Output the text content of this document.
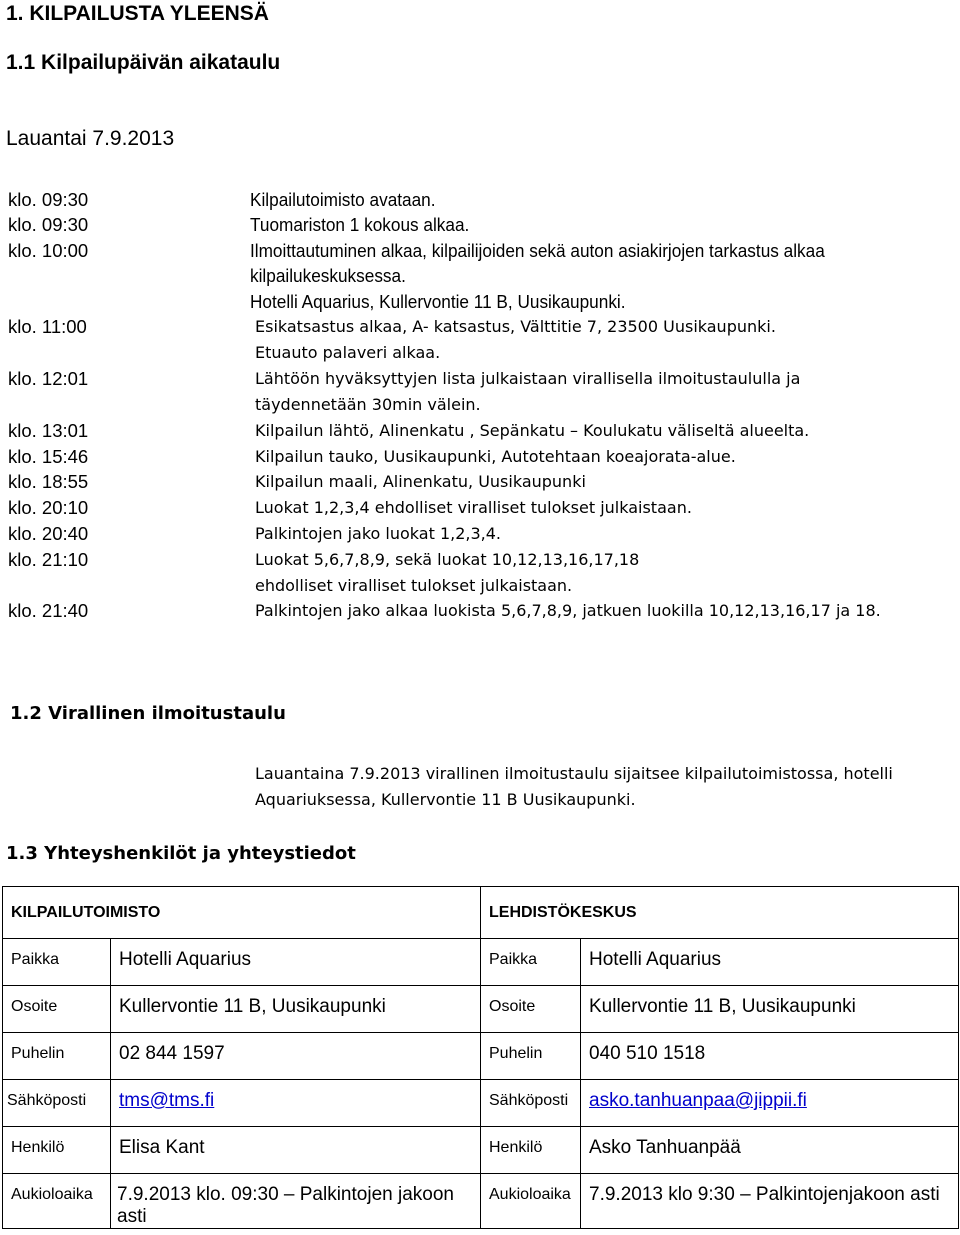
1. KILPAILUSTA YLEENSÄ
1.1 Kilpailupäivän aikataulu
Lauantai 7.9.2013
klo. 09:30	Kilpailutoimisto avataan.
klo. 09:30	Tuomariston 1 kokous alkaa.
klo. 10:00	Ilmoittautuminen alkaa, kilpailijoiden sekä auton asiakirjojen tarkastus alkaa
kilpailukeskuksessa.
Hotelli Aquarius, Kullervontie 11 B, Uusikaupunki.
klo. 11:00	Esikatsastus alkaa, A- katsastus, Välttitie 7, 23500 Uusikaupunki.
Etuauto palaveri alkaa.
klo. 12:01	Lähtöön hyväksyttyjen lista julkaistaan virallisella ilmoitustaululla ja
täydennetään 30min välein.
klo. 13:01	Kilpailun lähtö, Alinenkatu , Sepänkatu – Koulukatu väliseltä alueelta.
klo. 15:46	Kilpailun tauko, Uusikaupunki, Autotehtaan koeajorata-alue.
klo. 18:55	Kilpailun maali, Alinenkatu, Uusikaupunki
klo. 20:10	Luokat 1,2,3,4 ehdolliset viralliset tulokset julkaistaan.
klo. 20:40	Palkintojen jako luokat 1,2,3,4.
klo. 21:10	Luokat 5,6,7,8,9, sekä luokat 10,12,13,16,17,18
ehdolliset viralliset tulokset julkaistaan.
klo. 21:40	Palkintojen jako alkaa luokista 5,6,7,8,9, jatkuen luokilla 10,12,13,16,17 ja 18.
1.2 Virallinen ilmoitustaulu
Lauantaina 7.9.2013 virallinen ilmoitustaulu sijaitsee kilpailutoimistossa, hotelli
Aquariuksessa, Kullervontie 11 B Uusikaupunki.
1.3 Yhteyshenkilöt ja yhteystiedot
KILPAILUTOIMISTO		LEHDISTÖKESKUS	
Paikka	Hotelli Aquarius	Paikka	Hotelli Aquarius
Osoite	Kullervontie 11 B, Uusikaupunki	Osoite	Kullervontie 11 B, Uusikaupunki
Puhelin	02 844 1597	Puhelin	040 510 1518
Sähköposti	tms@tms.fi	Sähköposti	asko.tanhuanpaa@jippii.fi
Henkilö	Elisa Kant	Henkilö	Asko Tanhuanpää
Aukioloaika	7.9.2013 klo. 09:30 – Palkintojen jakoon asti	Aukioloaika	7.9.2013 klo 9:30 – Palkintojenjakoon asti
